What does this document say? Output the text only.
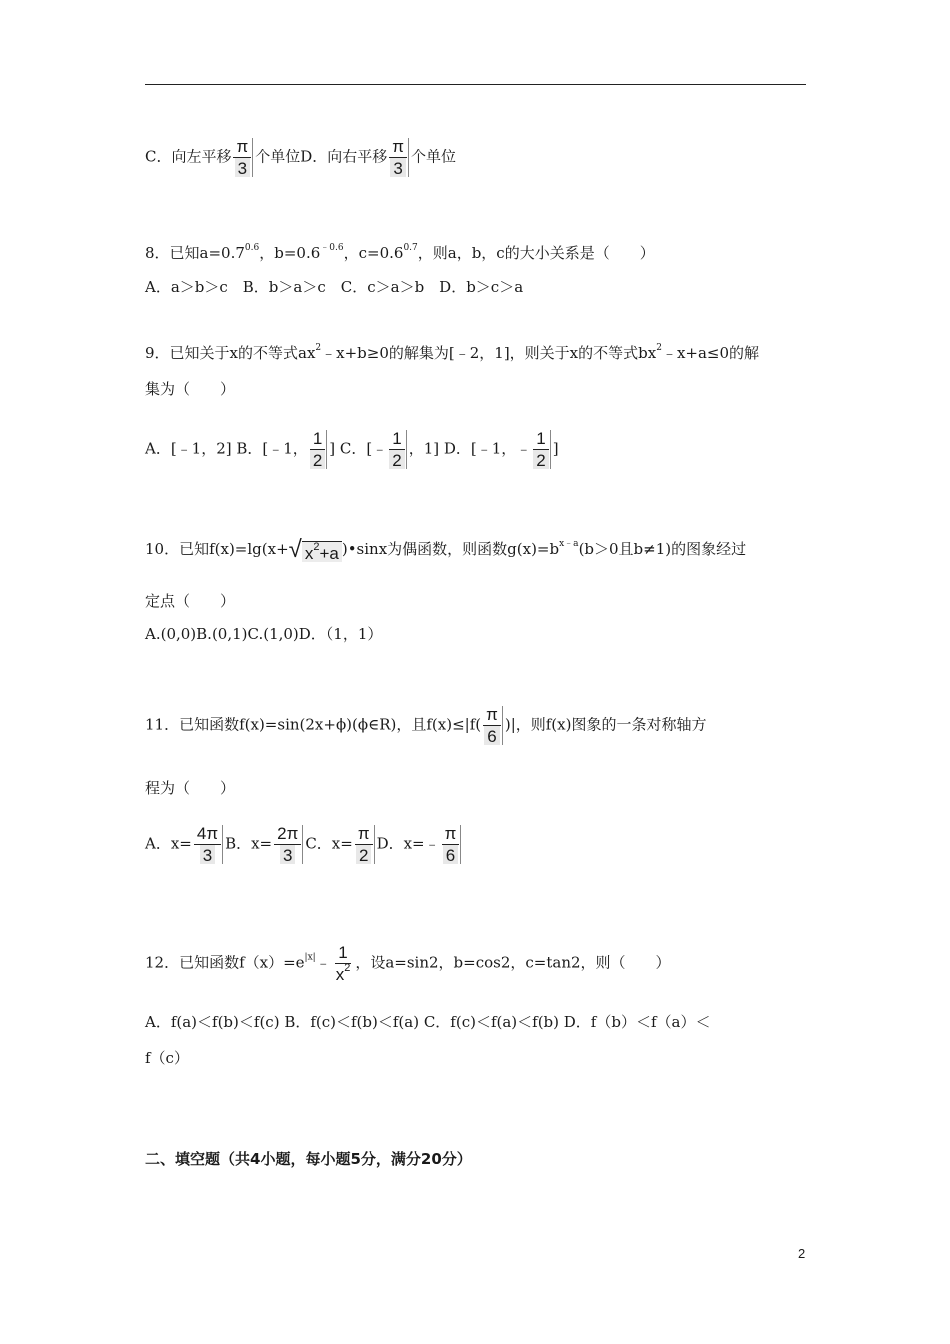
C．向左平移 $\frac{\pi}{3}$ 个单位D．向右平移 $\frac{\pi}{3}$ 个单位
8．已知$a=0.7^{0.6}$，$b=0.6^{﹣0.6}$，$c=0.6^{0.7}$，则a，b，c的大小关系是（　　）
A．a＞b＞c　B．b＞a＞c　C．c＞a＞b　D．b＞c＞a
9．已知关于x的不等式$ax^2﹣x+b\ge 0$的解集为[﹣2，1]，则关于x的不等式$bx^2﹣x+a\le 0$的解
集为（　　）
A．[﹣1，2] B．[﹣1， $\frac{1}{2}$ ] C．[﹣ $\frac{1}{2}$ ，1] D．[﹣1，﹣ $\frac{1}{2}$ ]
10．已知f(x)=lg(x+ √ $x^2+a$ )•sinx为偶函数，则函数$g(x)=b^{x﹣a}(b>0$且b≠1)的图象经过
定点（　　）
A.(0,0)B.(0,1)C.(1,0)D．（1，1）
11．已知函数f(x)=sin(2x+ϕ)(ϕ∈R)，且$f(x)\le|f( \frac{\pi}{6}$ )|，则f(x)图象的一条对称轴方
程为（　　）
A．$x= \frac{4\pi}{3}$ B．$x= \frac{2\pi}{3}$ C．$x= \frac{\pi}{2}$ D．x=﹣ $\frac{\pi}{6}$
12．已知函数$f(x)=e^{|x|}﹣ \frac{1}{x^2}$ ，设a=sin2，b=cos2，c=tan2，则（　　）
A．f(a)＜f(b)＜f(c) B．f(c)＜f(b)＜f(a) C．f(c)＜f(a)＜f(b) D．f（b）＜f（a）＜
f（c）
二、填空题（共4小题，每小题5分，满分20分）
2
